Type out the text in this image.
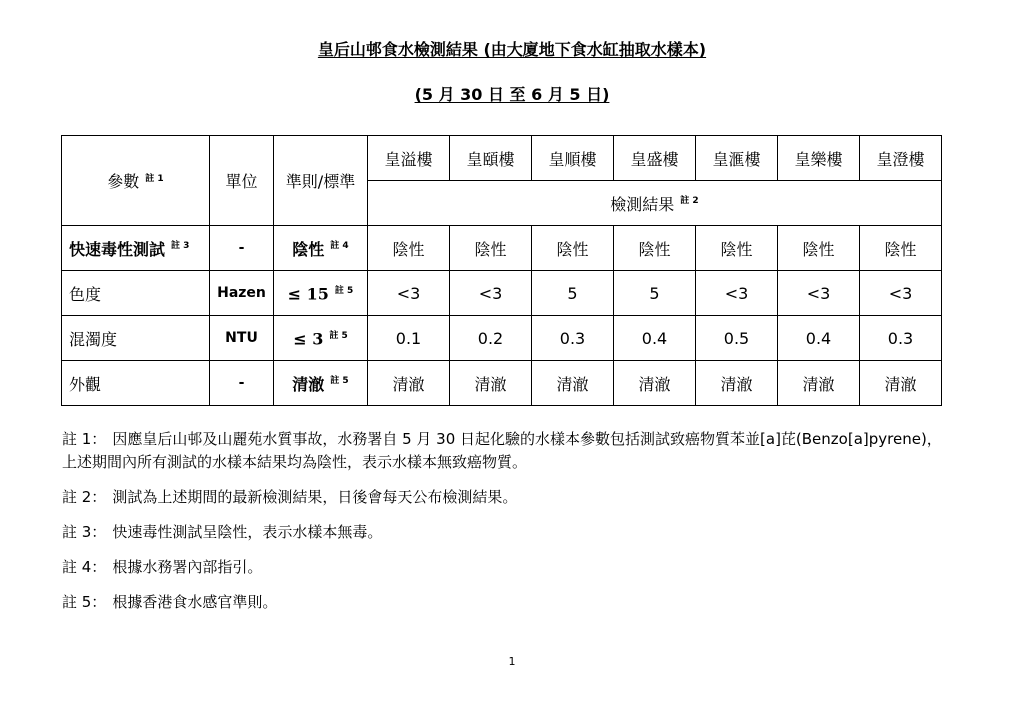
皇后山邨食水檢測結果 (由大廈地下食水缸抽取水樣本)
(5 月 30 日 至 6 月 5 日)
參數 $^{註 1}$	單位	準則/標準	皇溢樓	皇頤樓	皇順樓	皇盛樓	皇滙樓	皇樂樓	皇澄樓
			檢測結果 $^{註 2}$
快速毒性測試 $^{註 3}$	-	陰性 $^{註 4}$	陰性	陰性	陰性	陰性	陰性	陰性	陰性
色度	Hazen	≤ 15 $^{註 5}$	<3	<3	5	5	<3	<3	<3
混濁度	NTU	≤ 3 $^{註 5}$	0.1	0.2	0.3	0.4	0.5	0.4	0.3
外觀	-	清澈 $^{註 5}$	清澈	清澈	清澈	清澈	清澈	清澈	清澈

註 1： 因應皇后山邨及山麗苑水質事故，水務署自 5 月 30 日起化驗的水樣本參數包括測試致癌物質苯並[a]芘(Benzo[a]pyrene)，上述期間內所有測試的水樣本結果均為陰性，表示水樣本無致癌物質。

註 2： 測試為上述期間的最新檢測結果，日後會每天公布檢測結果。

註 3： 快速毒性測試呈陰性，表示水樣本無毒。

註 4： 根據水務署內部指引。

註 5： 根據香港食水感官準則。

1
